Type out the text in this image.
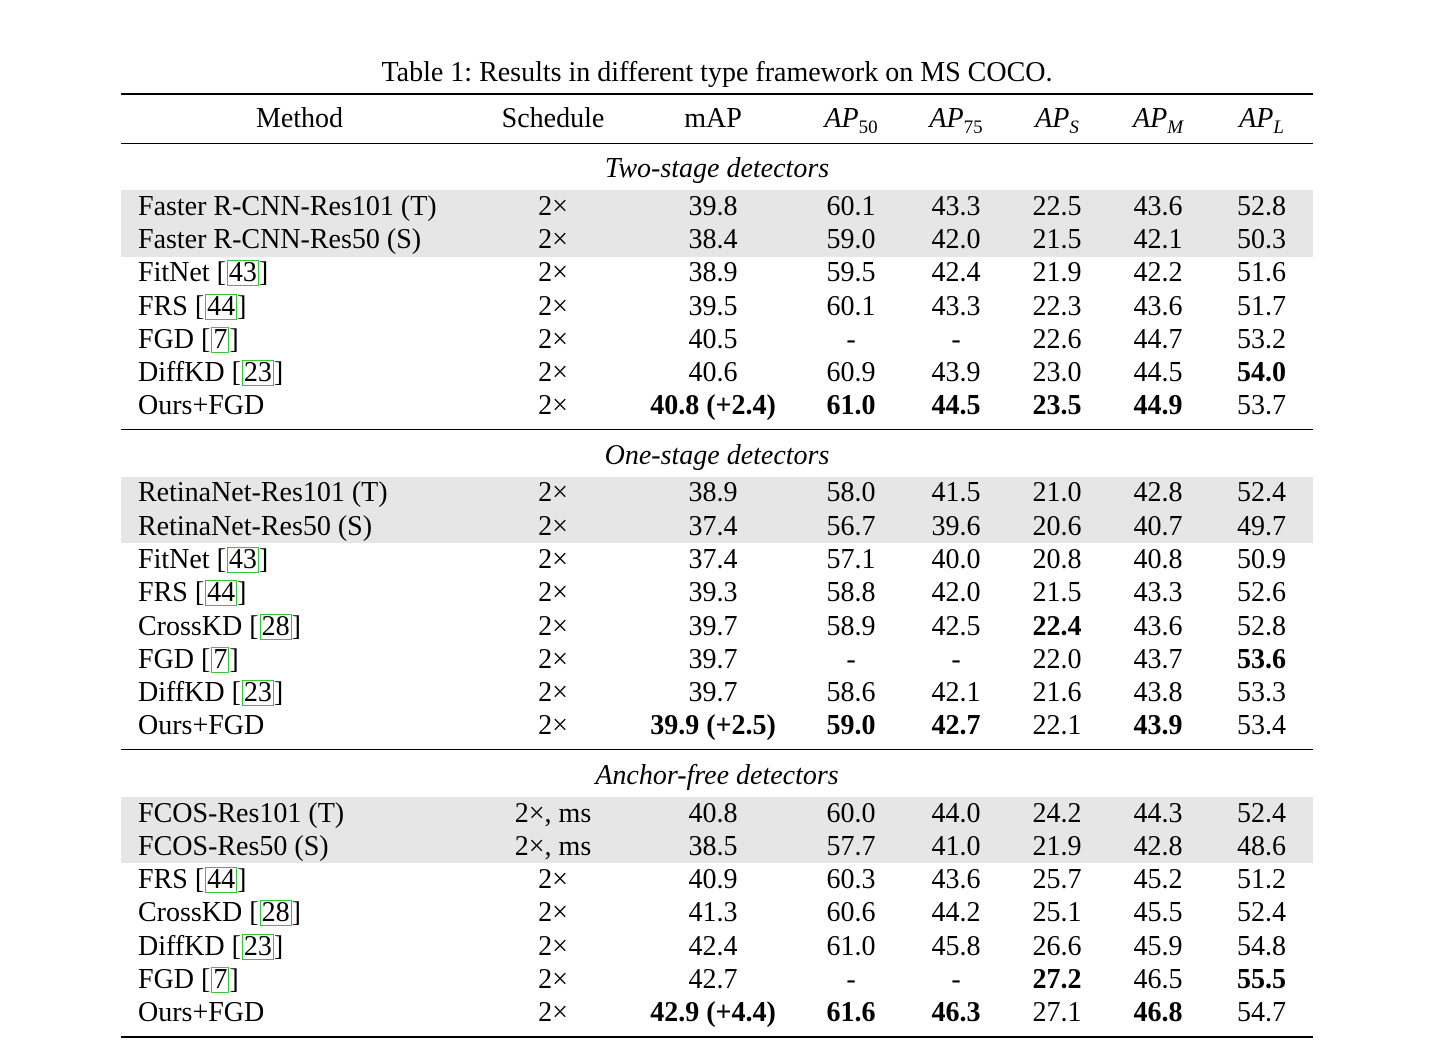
Table 1: Results in different type framework on MS COCO.
Method	Schedule	mAP	$AP_{50}$	$AP_{75}$	$AP_S$	$AP_M$	$AP_L$
Two-stage detectors							
Faster R-CNN-Res101 (T)	2×	39.8	60.1	43.3	22.5	43.6	52.8
Faster R-CNN-Res50 (S)	2×	38.4	59.0	42.0	21.5	42.1	50.3
FitNet [ 43]	2×	38.9	59.5	42.4	21.9	42.2	51.6
FRS [ 44]	2×	39.5	60.1	43.3	22.3	43.6	51.7
FGD [ 7]	2×	40.5	-	-	22.6	44.7	53.2
DiffKD [ 23]	2×	40.6	60.9	43.9	23.0	44.5	54.0
Ours+FGD	2×	40.8 (+2.4)	61.0	44.5	23.5	44.9	53.7
One-stage detectors							
RetinaNet-Res101 (T)	2×	38.9	58.0	41.5	21.0	42.8	52.4
RetinaNet-Res50 (S)	2×	37.4	56.7	39.6	20.6	40.7	49.7
FitNet [ 43]	2×	37.4	57.1	40.0	20.8	40.8	50.9
FRS [ 44]	2×	39.3	58.8	42.0	21.5	43.3	52.6
CrossKD [ 28]	2×	39.7	58.9	42.5	22.4	43.6	52.8
FGD [ 7]	2×	39.7	-	-	22.0	43.7	53.6
DiffKD [ 23]	2×	39.7	58.6	42.1	21.6	43.8	53.3
Ours+FGD	2×	39.9 (+2.5)	59.0	42.7	22.1	43.9	53.4
Anchor-free detectors							
FCOS-Res101 (T)	2×, ms	40.8	60.0	44.0	24.2	44.3	52.4
FCOS-Res50 (S)	2×, ms	38.5	57.7	41.0	21.9	42.8	48.6
FRS [ 44]	2×	40.9	60.3	43.6	25.7	45.2	51.2
CrossKD [ 28]	2×	41.3	60.6	44.2	25.1	45.5	52.4
DiffKD [ 23]	2×	42.4	61.0	45.8	26.6	45.9	54.8
FGD [ 7]	2×	42.7	-	-	27.2	46.5	55.5
Ours+FGD	2×	42.9 (+4.4)	61.6	46.3	27.1	46.8	54.7
